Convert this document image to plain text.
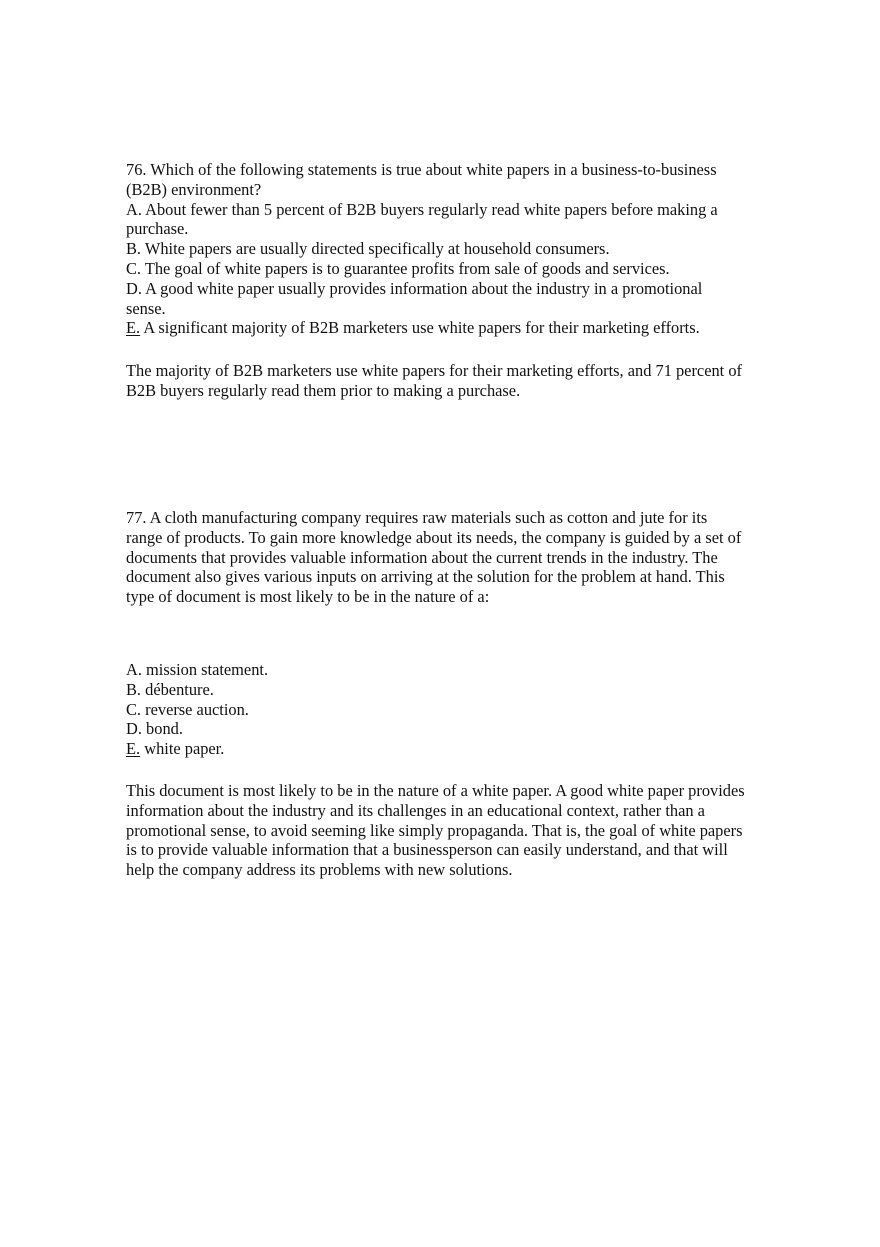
76. Which of the following statements is true about white papers in a business-to-business
(B2B) environment?
A. About fewer than 5 percent of B2B buyers regularly read white papers before making a
purchase.
B. White papers are usually directed specifically at household consumers.
C. The goal of white papers is to guarantee profits from sale of goods and services.
D. A good white paper usually provides information about the industry in a promotional
sense.
E. A significant majority of B2B marketers use white papers for their marketing efforts.
The majority of B2B marketers use white papers for their marketing efforts, and 71 percent of
B2B buyers regularly read them prior to making a purchase.
77. A cloth manufacturing company requires raw materials such as cotton and jute for its
range of products. To gain more knowledge about its needs, the company is guided by a set of
documents that provides valuable information about the current trends in the industry. The
document also gives various inputs on arriving at the solution for the problem at hand. This
type of document is most likely to be in the nature of a:
A. mission statement.
B. débenture.
C. reverse auction.
D. bond.
E. white paper.
This document is most likely to be in the nature of a white paper. A good white paper provides
information about the industry and its challenges in an educational context, rather than a
promotional sense, to avoid seeming like simply propaganda. That is, the goal of white papers
is to provide valuable information that a businessperson can easily understand, and that will
help the company address its problems with new solutions.
